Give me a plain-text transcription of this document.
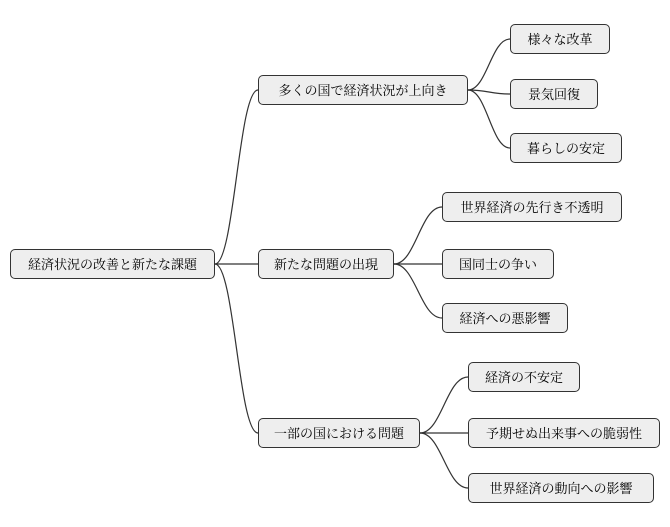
経済状況の改善と新たな課題
多くの国で経済状況が上向き
新たな問題の出現
一部の国における問題
様々な改革
景気回復
暮らしの安定
世界経済の先行き不透明
国同士の争い
経済への悪影響
経済の不安定
予期せぬ出来事への脆弱性
世界経済の動向への影響
